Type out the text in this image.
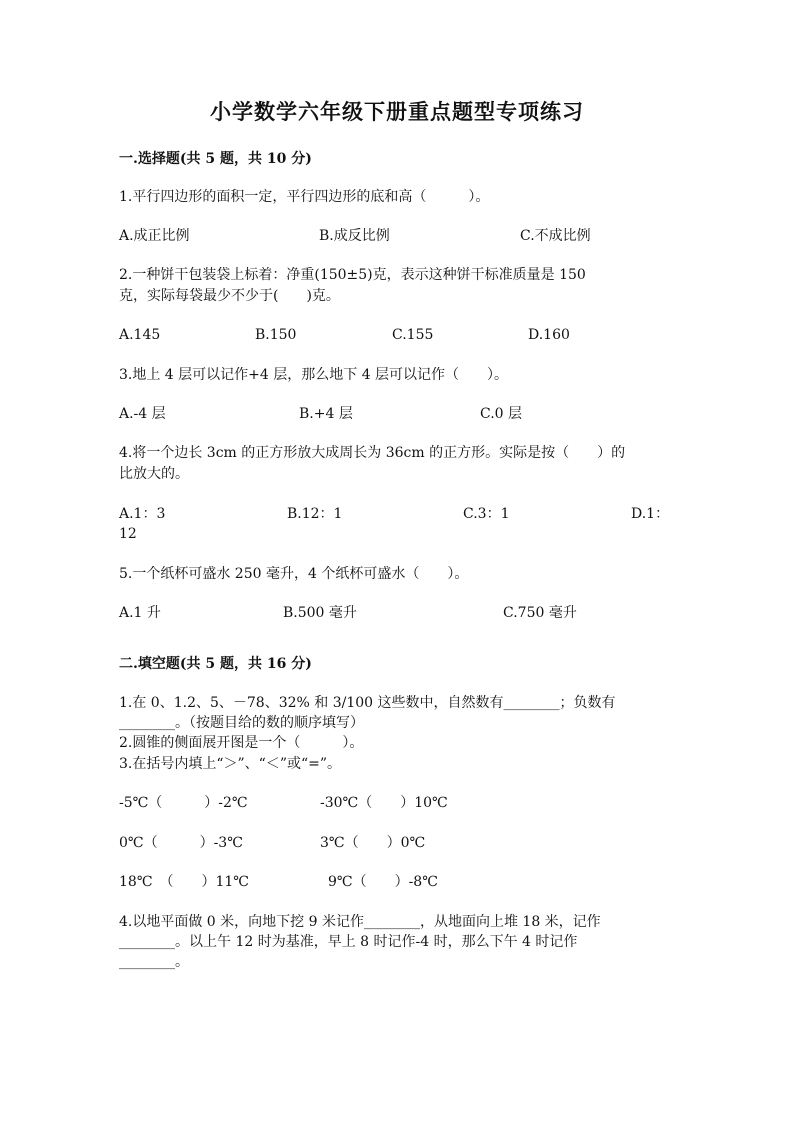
小学数学六年级下册重点题型专项练习
一.选择题(共 5 题，共 10 分)
1.平行四边形的面积一定，平行四边形的底和高（　　　）。
A.成正比例	B.成反比例	C.不成比例
2.一种饼干包装袋上标着：净重(150±5)克，表示这种饼干标准质量是 150
克，实际每袋最少不少于(　　)克。
A.145	B.150	C.155	D.160
3.地上 4 层可以记作+4 层，那么地下 4 层可以记作（　　）。
A.-4 层	B.+4 层	C.0 层
4.将一个边长 3cm 的正方形放大成周长为 36cm 的正方形。实际是按（　　）的
比放大的。
A.1：3	B.12：1	C.3：1	D.1：
12
5.一个纸杯可盛水 250 毫升，4 个纸杯可盛水（　　）。
A.1 升	B.500 毫升	C.750 毫升
二.填空题(共 5 题，共 16 分)
1.在 0、1.2、5、－78、32% 和 3/100 这些数中，自然数有________；负数有
________。（按题目给的数的顺序填写）
2.圆锥的侧面展开图是一个（　　　）。
3.在括号内填上“＞”、“＜”或“=”。
-5℃（　　　）-2℃	-30℃（　　）10℃
0℃（　　　）-3℃	3℃（　　）0℃
18℃　（　　）11℃	9℃（　　）-8℃
4.以地平面做 0 米，向地下挖 9 米记作________，从地面向上堆 18 米，记作
________。以上午 12 时为基准，早上 8 时记作-4 时，那么下午 4 时记作
________。
